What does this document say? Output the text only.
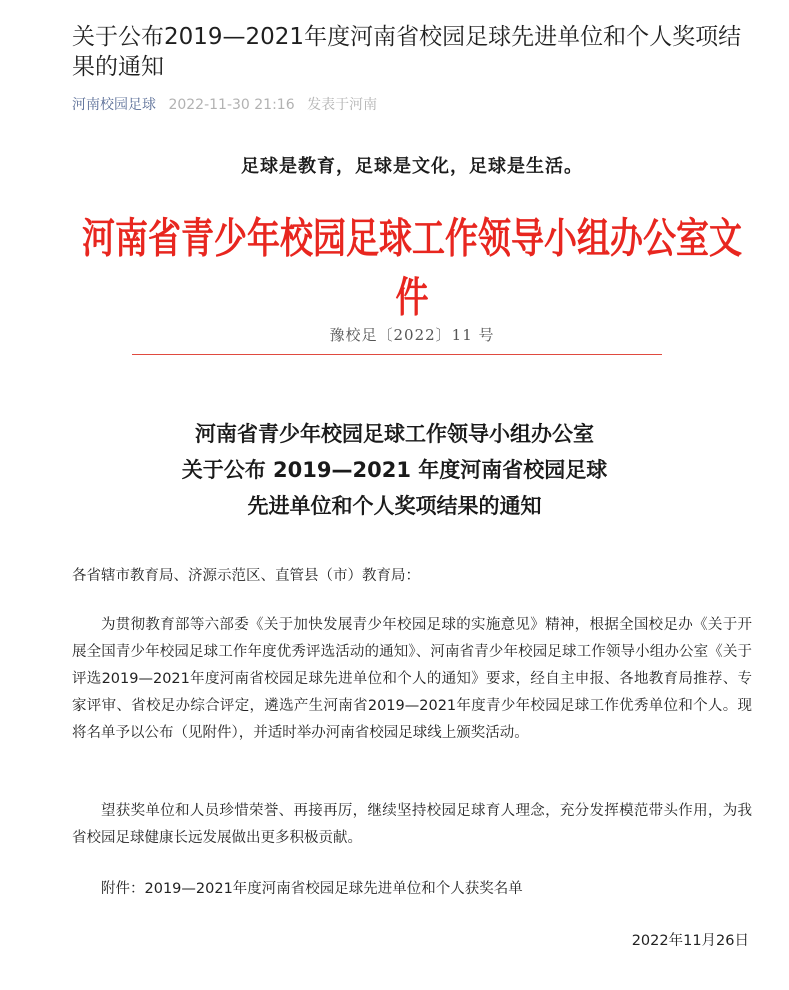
关于公布2019—2021年度河南省校园足球先进单位和个人奖项结果的通知
河南校园足球 2022-11-30 21:16 发表于河南
足球是教育，足球是文化，足球是生活。
河南省青少年校园足球工作领导小组办公室文件
豫校足〔2022〕11 号
河南省青少年校园足球工作领导小组办公室
关于公布 2019—2021 年度河南省校园足球
先进单位和个人奖项结果的通知

各省辖市教育局、济源示范区、直管县（市）教育局：

为贯彻教育部等六部委《关于加快发展青少年校园足球的实施意见》精神，根据全国校足办《关于开展全国青少年校园足球工作年度优秀评选活动的通知》、河南省青少年校园足球工作领导小组办公室《关于评选2019—2021年度河南省校园足球先进单位和个人的通知》要求，经自主申报、各地教育局推荐、专家评审、省校足办综合评定，遴选产生河南省2019—2021年度青少年校园足球工作优秀单位和个人。现将名单予以公布（见附件），并适时举办河南省校园足球线上颁奖活动。

望获奖单位和人员珍惜荣誉、再接再厉，继续坚持校园足球育人理念，充分发挥模范带头作用，为我省校园足球健康长远发展做出更多积极贡献。

附件：2019—2021年度河南省校园足球先进单位和个人获奖名单

2022年11月26日
